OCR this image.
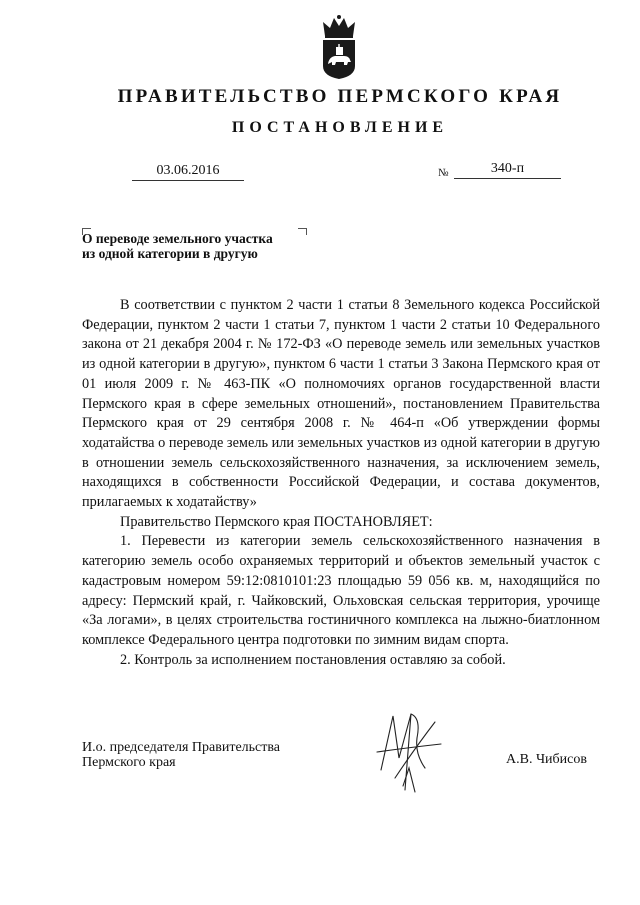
ПРАВИТЕЛЬСТВО ПЕРМСКОГО КРАЯ
ПОСТАНОВЛЕНИЕ
03.06.2016	№	340-п
О переводе земельного участка
из одной категории в другую

В соответствии с пунктом 2 части 1 статьи 8 Земельного кодекса Российской Федерации, пунктом 2 части 1 статьи 7, пунктом 1 части 2 статьи 10 Федерального закона от 21 декабря 2004 г. № 172-ФЗ «О переводе земель или земельных участков из одной категории в другую», пунктом 6 части 1 статьи 3 Закона Пермского края от 01 июля 2009 г. № 463-ПК «О полномочиях органов государственной власти Пермского края в сфере земельных отношений», постановлением Правительства Пермского края от 29 сентября 2008 г. № 464-п «Об утверждении формы ходатайства о переводе земель или земельных участков из одной категории в другую в отношении земель сельскохозяйственного назначения, за исключением земель, находящихся в собственности Российской Федерации, и состава документов, прилагаемых к ходатайству»

Правительство Пермского края ПОСТАНОВЛЯЕТ:

1. Перевести из категории земель сельскохозяйственного назначения в категорию земель особо охраняемых территорий и объектов земельный участок с кадастровым номером 59:12:0810101:23 площадью 59 056 кв. м, находящийся по адресу: Пермский край, г. Чайковский, Ольховская сельская территория, урочище «За логами», в целях строительства гостиничного комплекса на лыжно-биатлонном комплексе Федерального центра подготовки по зимним видам спорта.

2. Контроль за исполнением постановления оставляю за собой.

И.о. председателя Правительства
Пермского края	А.В. Чибисов
